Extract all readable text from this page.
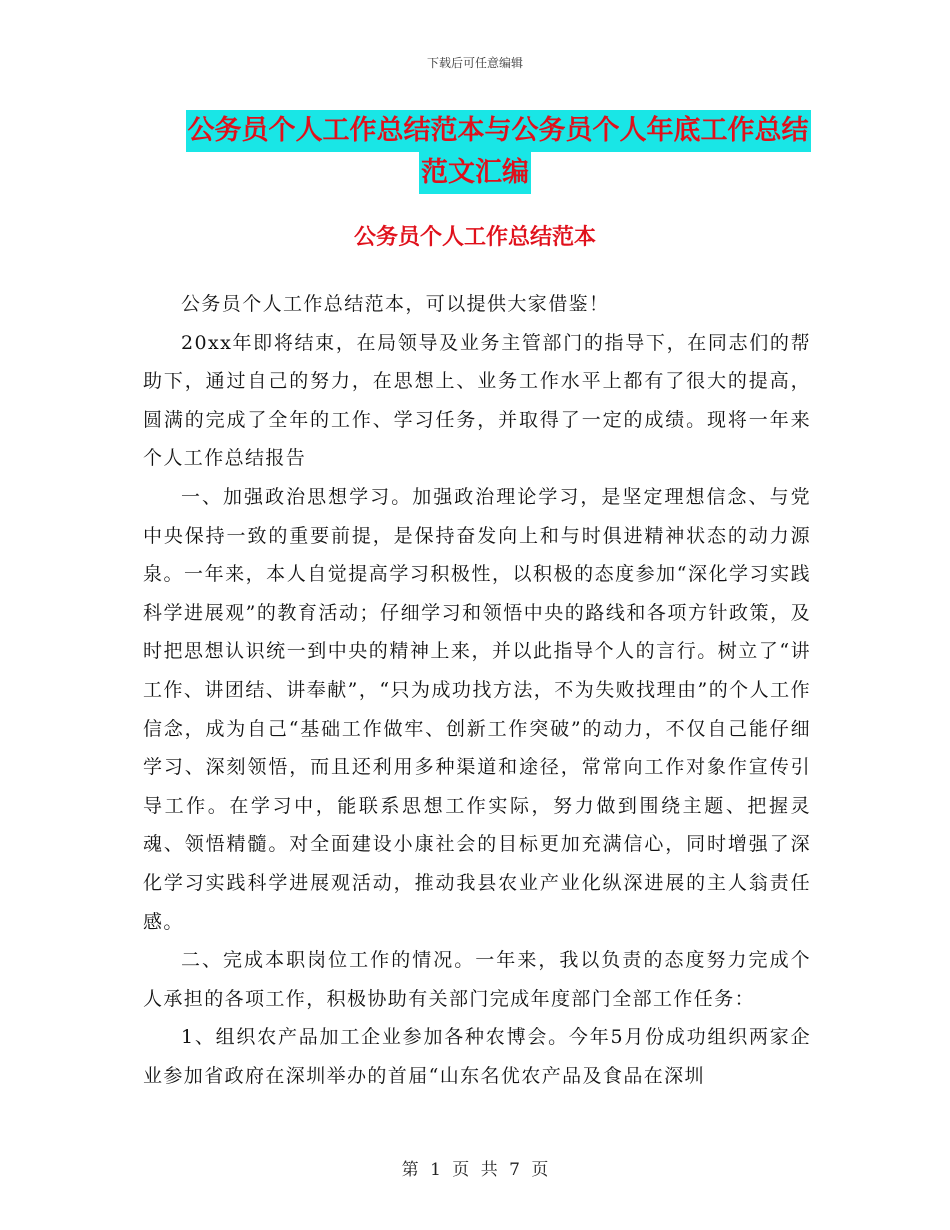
下载后可任意编辑
公务员个人工作总结范本与公务员个人年底工作总结
范文汇编
公务员个人工作总结范本

公务员个人工作总结范本，可以提供大家借鉴！

20xx年即将结束，在局领导及业务主管部门的指导下，在同志们的帮助下，通过自己的努力，在思想上、业务工作水平上都有了很大的提高，圆满的完成了全年的工作、学习任务，并取得了一定的成绩。现将一年来个人工作总结报告

一、加强政治思想学习。加强政治理论学习，是坚定理想信念、与党中央保持一致的重要前提，是保持奋发向上和与时俱进精神状态的动力源泉。一年来，本人自觉提高学习积极性，以积极的态度参加“深化学习实践科学进展观”的教育活动；仔细学习和领悟中央的路线和各项方针政策，及时把思想认识统一到中央的精神上来，并以此指导个人的言行。树立了“讲工作、讲团结、讲奉献”，“只为成功找方法，不为失败找理由”的个人工作信念，成为自己“基础工作做牢、创新工作突破”的动力，不仅自己能仔细学习、深刻领悟，而且还利用多种渠道和途径，常常向工作对象作宣传引导工作。在学习中，能联系思想工作实际，努力做到围绕主题、把握灵魂、领悟精髓。对全面建设小康社会的目标更加充满信心，同时增强了深化学习实践科学进展观活动，推动我县农业产业化纵深进展的主人翁责任感。

二、完成本职岗位工作的情况。一年来，我以负责的态度努力完成个人承担的各项工作，积极协助有关部门完成年度部门全部工作任务：

1、组织农产品加工企业参加各种农博会。今年5月份成功组织两家企业参加省政府在深圳举办的首届“山东名优农产品及食品在深圳

第 1 页 共 7 页
